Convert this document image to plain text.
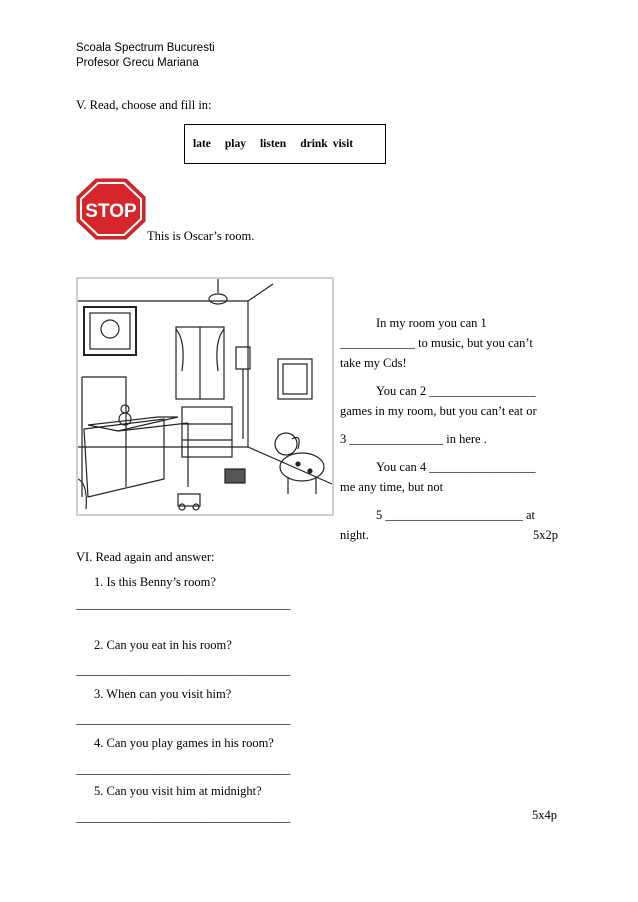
Scoala Spectrum Bucuresti
Profesor Grecu Mariana
V. Read, choose and fill in:
late play listen drink visit
STOP
This is Oscar’s room.
In my room you can 1
____________ to music, but you can’t
take my Cds!
You can 2 _________________
games in my room, but you can’t eat or
3 _______________ in here .
You can 4 _________________
me any time, but not
5 ______________________ at
night.	5x2p
VI. Read again and answer:
1. Is this Benny’s room?
____________________________________
2. Can you eat in his room?
____________________________________
3. When can you visit him?
____________________________________
4. Can you play games in his room?
____________________________________
5. Can you visit him at midnight?
____________________________________	5x4p
